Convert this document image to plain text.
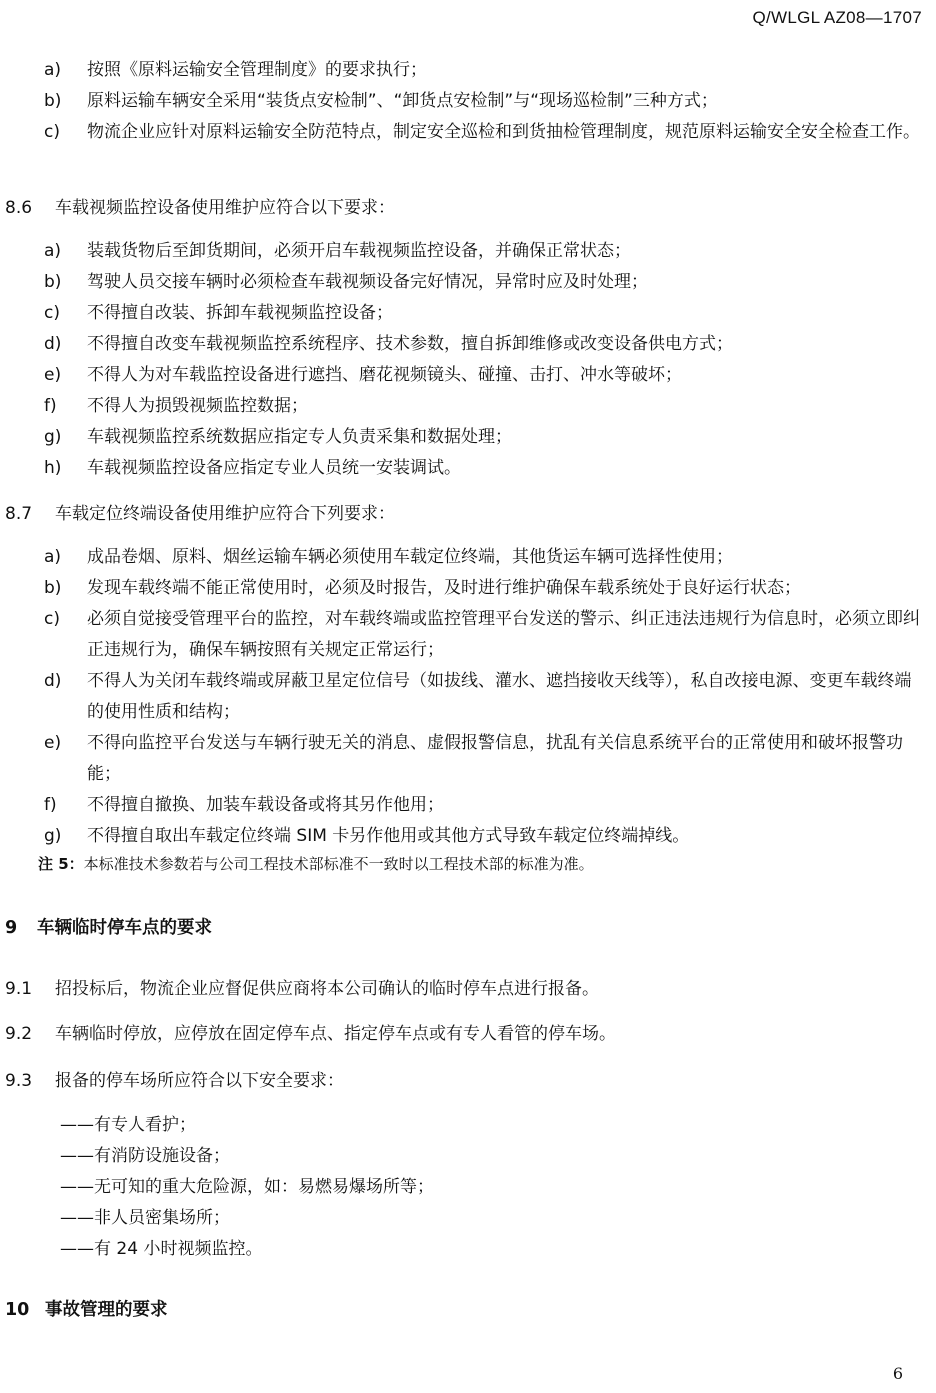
Q/WLGL AZ08—1707
a)	按照《原料运输安全管理制度》的要求执行；
b)	原料运输车辆安全采用“装货点安检制”、“卸货点安检制”与“现场巡检制”三种方式；
c)	物流企业应针对原料运输安全防范特点，制定安全巡检和到货抽检管理制度，规范原料运输安全安全检查工作。
8.6 车载视频监控设备使用维护应符合以下要求：
a)	装载货物后至卸货期间，必须开启车载视频监控设备，并确保正常状态；
b)	驾驶人员交接车辆时必须检查车载视频设备完好情况，异常时应及时处理；
c)	不得擅自改装、拆卸车载视频监控设备；
d)	不得擅自改变车载视频监控系统程序、技术参数，擅自拆卸维修或改变设备供电方式；
e)	不得人为对车载监控设备进行遮挡、磨花视频镜头、碰撞、击打、冲水等破坏；
f)	不得人为损毁视频监控数据；
g)	车载视频监控系统数据应指定专人负责采集和数据处理；
h)	车载视频监控设备应指定专业人员统一安装调试。
8.7 车载定位终端设备使用维护应符合下列要求：
a)	成品卷烟、原料、烟丝运输车辆必须使用车载定位终端，其他货运车辆可选择性使用；
b)	发现车载终端不能正常使用时，必须及时报告，及时进行维护确保车载系统处于良好运行状态；
c)	必须自觉接受管理平台的监控，对车载终端或监控管理平台发送的警示、纠正违法违规行为信息时，必须立即纠正违规行为，确保车辆按照有关规定正常运行；
d)	不得人为关闭车载终端或屏蔽卫星定位信号（如拔线、灌水、遮挡接收天线等），私自改接电源、变更车载终端的使用性质和结构；
e)	不得向监控平台发送与车辆行驶无关的消息、虚假报警信息，扰乱有关信息系统平台的正常使用和破坏报警功能；
f)	不得擅自撤换、加装车载设备或将其另作他用；
g)	不得擅自取出车载定位终端 SIM 卡另作他用或其他方式导致车载定位终端掉线。
注 5：本标准技术参数若与公司工程技术部标准不一致时以工程技术部的标准为准。
9 车辆临时停车点的要求
9.1 招投标后，物流企业应督促供应商将本公司确认的临时停车点进行报备。
9.2 车辆临时停放，应停放在固定停车点、指定停车点或有专人看管的停车场。
9.3 报备的停车场所应符合以下安全要求：
——有专人看护；
——有消防设施设备；
——无可知的重大危险源，如：易燃易爆场所等；
——非人员密集场所；
——有 24 小时视频监控。
10 事故管理的要求
6
